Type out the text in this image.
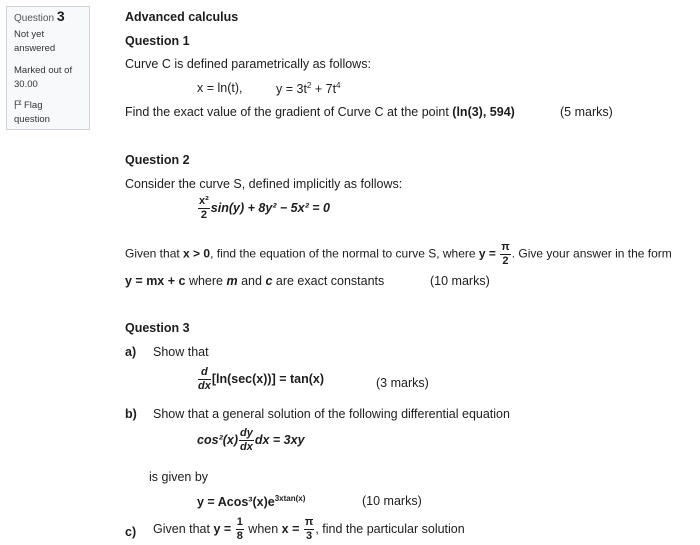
Question 3
Not yet
answered
Marked out of
30.00
Flag
question
Advanced calculus
Question 1
Curve C is defined parametrically as follows:
x = ln(t),	$y = 3t^2 + 7t^4$
Find the exact value of the gradient of Curve C at the point (ln(3), 594)	(5 marks)
Question 2
Consider the curve S, defined implicitly as follows:
$\frac{\text{x²}}{2} \sin(y) + 8y^2 - 5x^2 = 0$
Given that x > 0, find the equation of the normal to curve S, where $y = \frac{\pi}{2}$ . Give your answer in the form
y = mx + c where m and c are exact constants	(10 marks)
Question 3
a) Show that
$\frac{d}{dx} [\ln(\sec(x))] = \tan(x)$	(3 marks)
b) Show that a general solution of the following differential equation
$\cos^2(x) \frac{dy}{dx}$ dx = 3xy
is given by
$y = Acos^3(x)e^{3xtan(x)}$	(10 marks)
c) Given that $y = \frac{1}{8}$ when $x = \frac{\pi}{3}$ , find the particular solution
